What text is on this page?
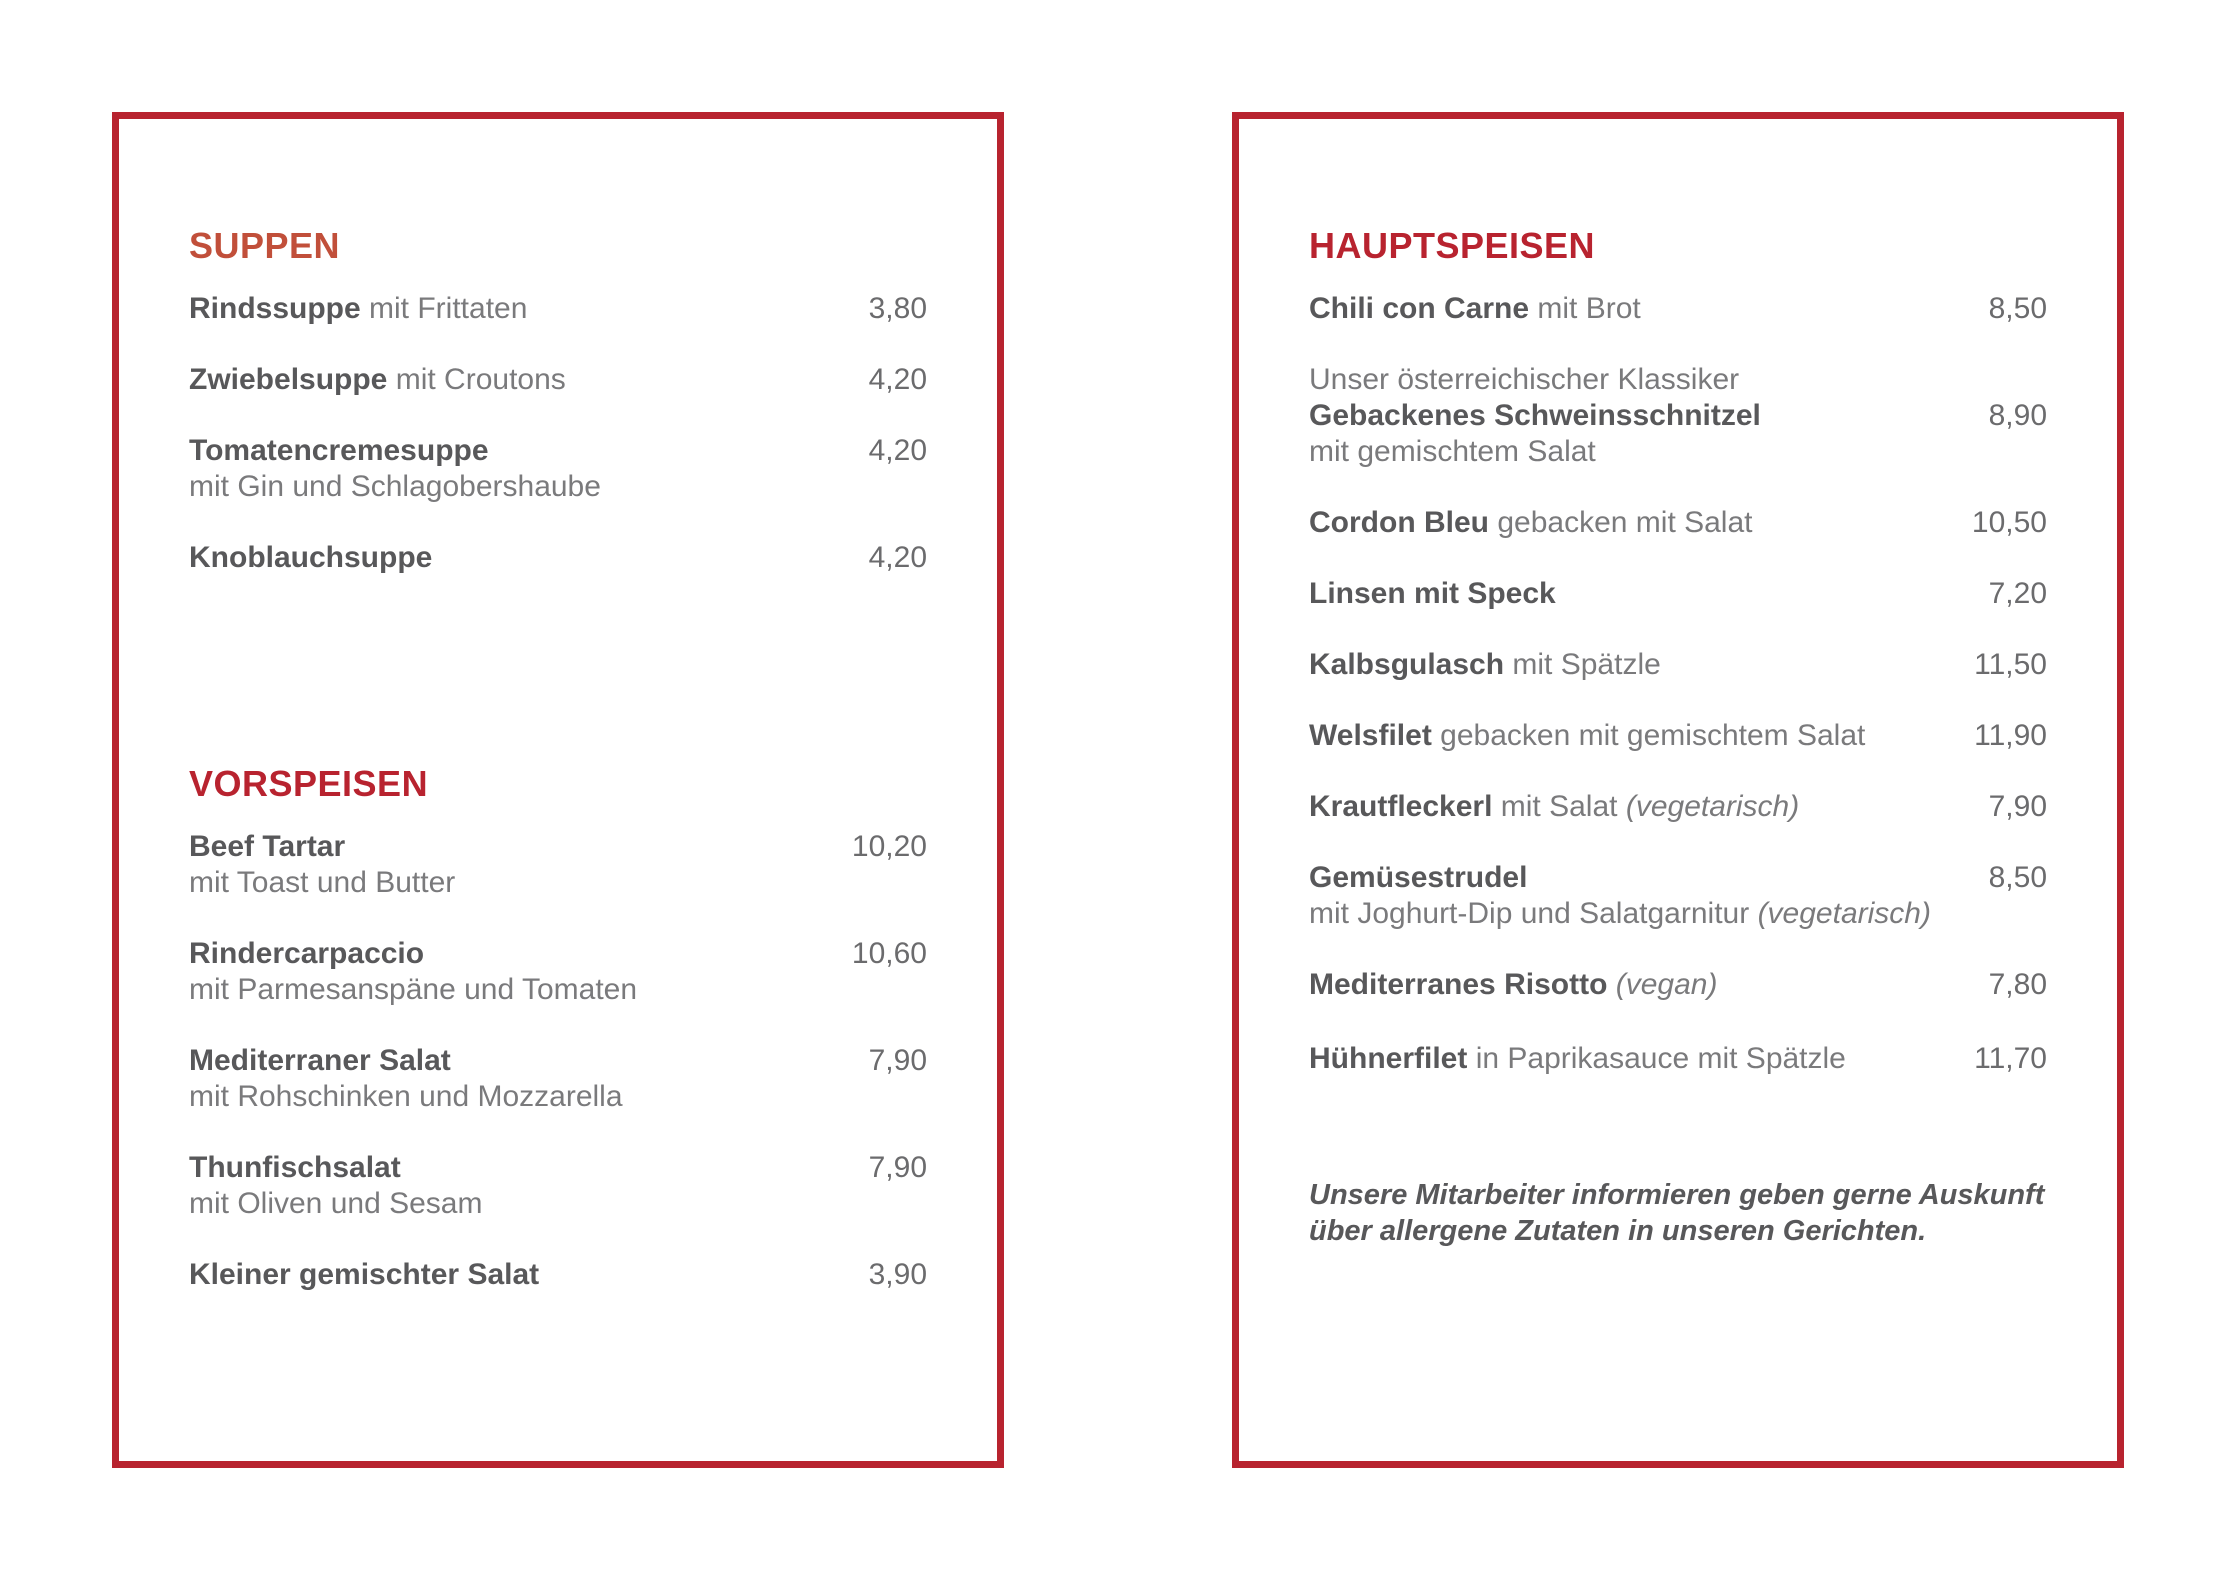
SUPPEN
Rindssuppe mit Frittaten	3,80
Zwiebelsuppe mit Croutons	4,20
Tomatencremesuppe
mit Gin und Schlagobershaube
4,20
Knoblauchsuppe	4,20
VORSPEISEN
Beef Tartar
mit Toast und Butter
10,20
Rindercarpaccio
mit Parmesanspäne und Tomaten
10,60
Mediterraner Salat
mit Rohschinken und Mozzarella
7,90
Thunfischsalat
mit Oliven und Sesam
7,90
Kleiner gemischter Salat	3,90
HAUPTSPEISEN
Chili con Carne mit Brot	8,50
Unser österreichischer Klassiker
Gebackenes Schweinsschnitzel
mit gemischtem Salat
8,90
Cordon Bleu gebacken mit Salat	10,50
Linsen mit Speck	7,20
Kalbsgulasch mit Spätzle	11,50
Welsfilet gebacken mit gemischtem Salat	11,90
Krautfleckerl mit Salat (vegetarisch)	7,90
Gemüsestrudel
mit Joghurt-Dip und Salatgarnitur (vegetarisch)
8,50
Mediterranes Risotto (vegan)	7,80
Hühnerfilet in Paprikasauce mit Spätzle	11,70
Unsere Mitarbeiter informieren geben gerne Auskunft
über allergene Zutaten in unseren Gerichten.
